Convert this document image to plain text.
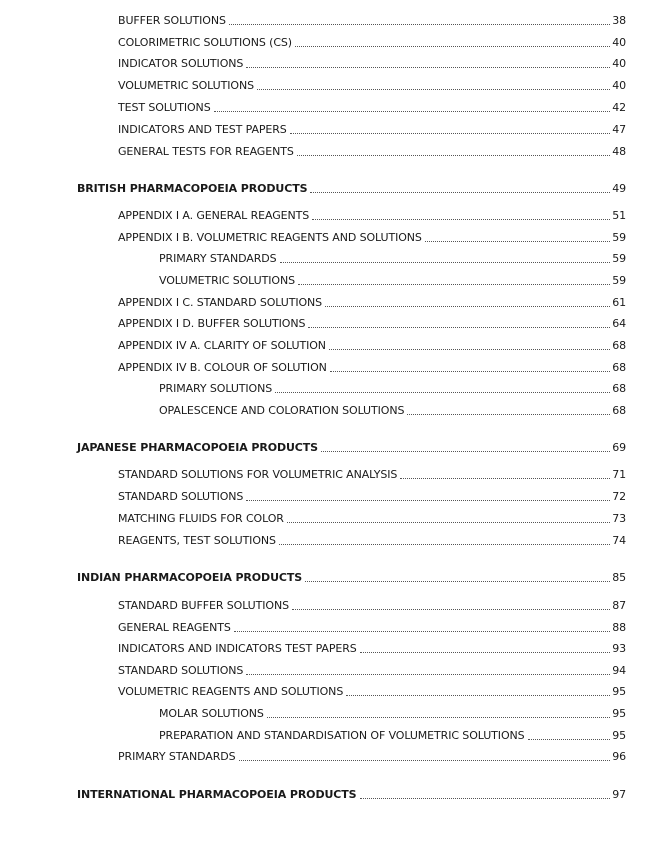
BUFFER SOLUTIONS	38
COLORIMETRIC SOLUTIONS (CS)	40
INDICATOR SOLUTIONS	40
VOLUMETRIC SOLUTIONS	40
TEST SOLUTIONS	42
INDICATORS AND TEST PAPERS	47
GENERAL TESTS FOR REAGENTS	48
BRITISH PHARMACOPOEIA PRODUCTS	49
APPENDIX I A. GENERAL REAGENTS	51
APPENDIX I B. VOLUMETRIC REAGENTS AND SOLUTIONS	59
PRIMARY STANDARDS	59
VOLUMETRIC SOLUTIONS	59
APPENDIX I C. STANDARD SOLUTIONS	61
APPENDIX I D. BUFFER SOLUTIONS	64
APPENDIX IV A. CLARITY OF SOLUTION	68
APPENDIX IV B. COLOUR OF SOLUTION	68
PRIMARY SOLUTIONS	68
OPALESCENCE AND COLORATION SOLUTIONS	68
JAPANESE PHARMACOPOEIA PRODUCTS	69
STANDARD SOLUTIONS FOR VOLUMETRIC ANALYSIS	71
STANDARD SOLUTIONS	72
MATCHING FLUIDS FOR COLOR	73
REAGENTS, TEST SOLUTIONS	74
INDIAN PHARMACOPOEIA PRODUCTS	85
STANDARD BUFFER SOLUTIONS	87
GENERAL REAGENTS	88
INDICATORS AND INDICATORS TEST PAPERS	93
STANDARD SOLUTIONS	94
VOLUMETRIC REAGENTS AND SOLUTIONS	95
MOLAR SOLUTIONS	95
PREPARATION AND STANDARDISATION OF VOLUMETRIC SOLUTIONS	95
PRIMARY STANDARDS	96
INTERNATIONAL PHARMACOPOEIA PRODUCTS	97
